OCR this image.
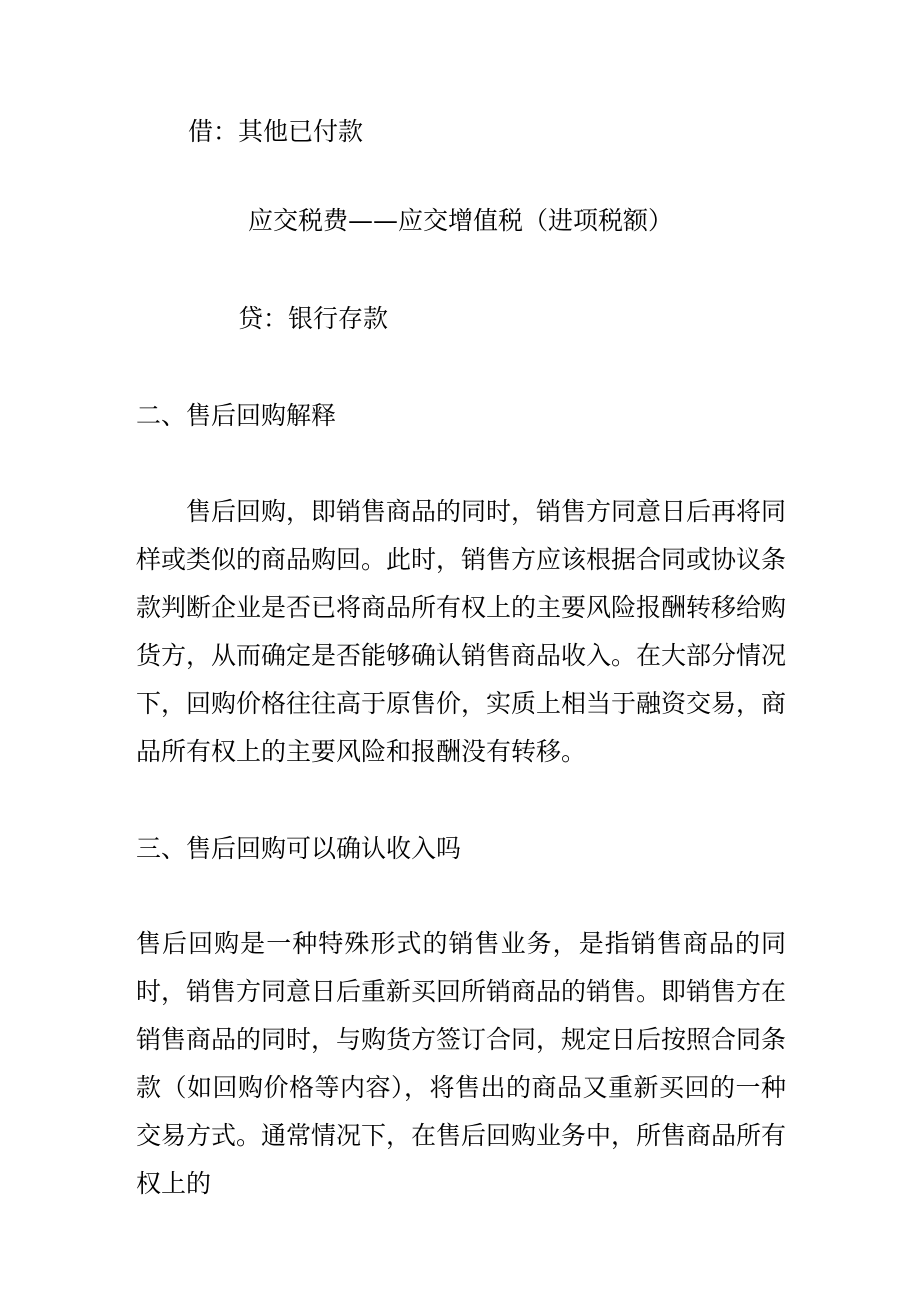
借：其他已付款

应交税费——应交增值税（进项税额）

贷：银行存款

二、售后回购解释

售后回购，即销售商品的同时，销售方同意日后再将同样或类似的商品购回。此时，销售方应该根据合同或协议条款判断企业是否已将商品所有权上的主要风险报酬转移给购货方，从而确定是否能够确认销售商品收入。在大部分情况下，回购价格往往高于原售价，实质上相当于融资交易，商品所有权上的主要风险和报酬没有转移。

三、售后回购可以确认收入吗

售后回购是一种特殊形式的销售业务，是指销售商品的同时，销售方同意日后重新买回所销商品的销售。即销售方在销售商品的同时，与购货方签订合同，规定日后按照合同条款（如回购价格等内容），将售出的商品又重新买回的一种交易方式。通常情况下，在售后回购业务中，所售商品所有权上的
